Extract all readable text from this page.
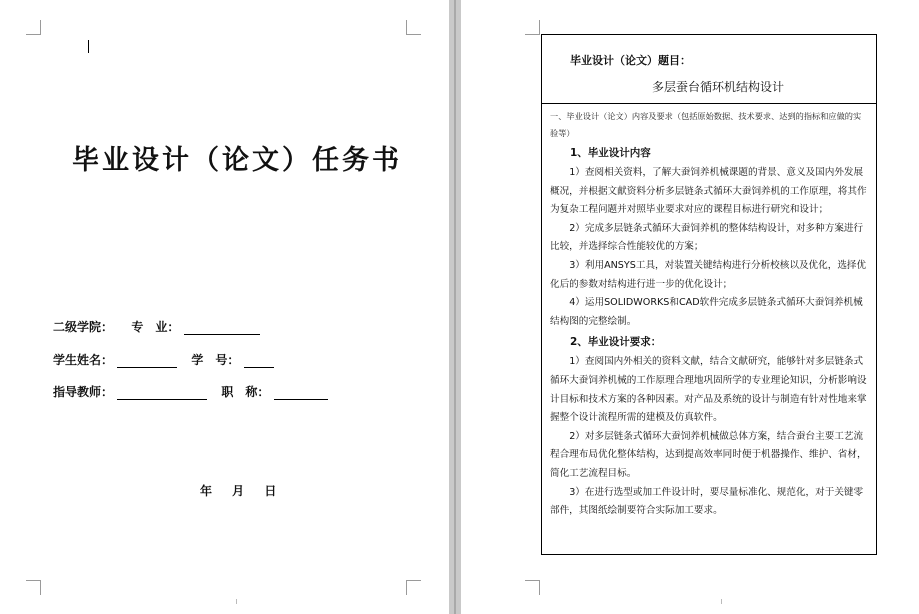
毕业设计（论文）任务书
二级学院： 专　业：
学生姓名：	学　号：
指导教师：	职　称：
年 月 日
毕业设计（论文）题目：
多层蚕台循环机结构设计
一、毕业设计（论文）内容及要求（包括原始数据、技术要求、达到的指标和应做的实验等）
1、毕业设计内容

1）查阅相关资料，了解大蚕饲养机械课题的背景、意义及国内外发展概况，并根据文献资料分析多层链条式循环大蚕饲养机的工作原理，将其作为复杂工程问题并对照毕业要求对应的课程目标进行研究和设计；

2）完成多层链条式循环大蚕饲养机的整体结构设计，对多种方案进行比较，并选择综合性能较优的方案；

3）利用ANSYS工具，对装置关键结构进行分析校核以及优化，选择优化后的参数对结构进行进一步的优化设计；

4）运用SOLIDWORKS和CAD软件完成多层链条式循环大蚕饲养机械结构图的完整绘制。

2、毕业设计要求：

1）查阅国内外相关的资料文献，结合文献研究，能够针对多层链条式循环大蚕饲养机械的工作原理合理地巩固所学的专业理论知识，分析影响设计目标和技术方案的各种因素。对产品及系统的设计与制造有针对性地来掌握整个设计流程所需的建模及仿真软件。

2）对多层链条式循环大蚕饲养机械做总体方案，结合蚕台主要工艺流程合理布局优化整体结构，达到提高效率同时便于机器操作、维护、省材，简化工艺流程目标。

3）在进行选型或加工件设计时，要尽量标准化、规范化，对于关键零部件，其图纸绘制要符合实际加工要求。
